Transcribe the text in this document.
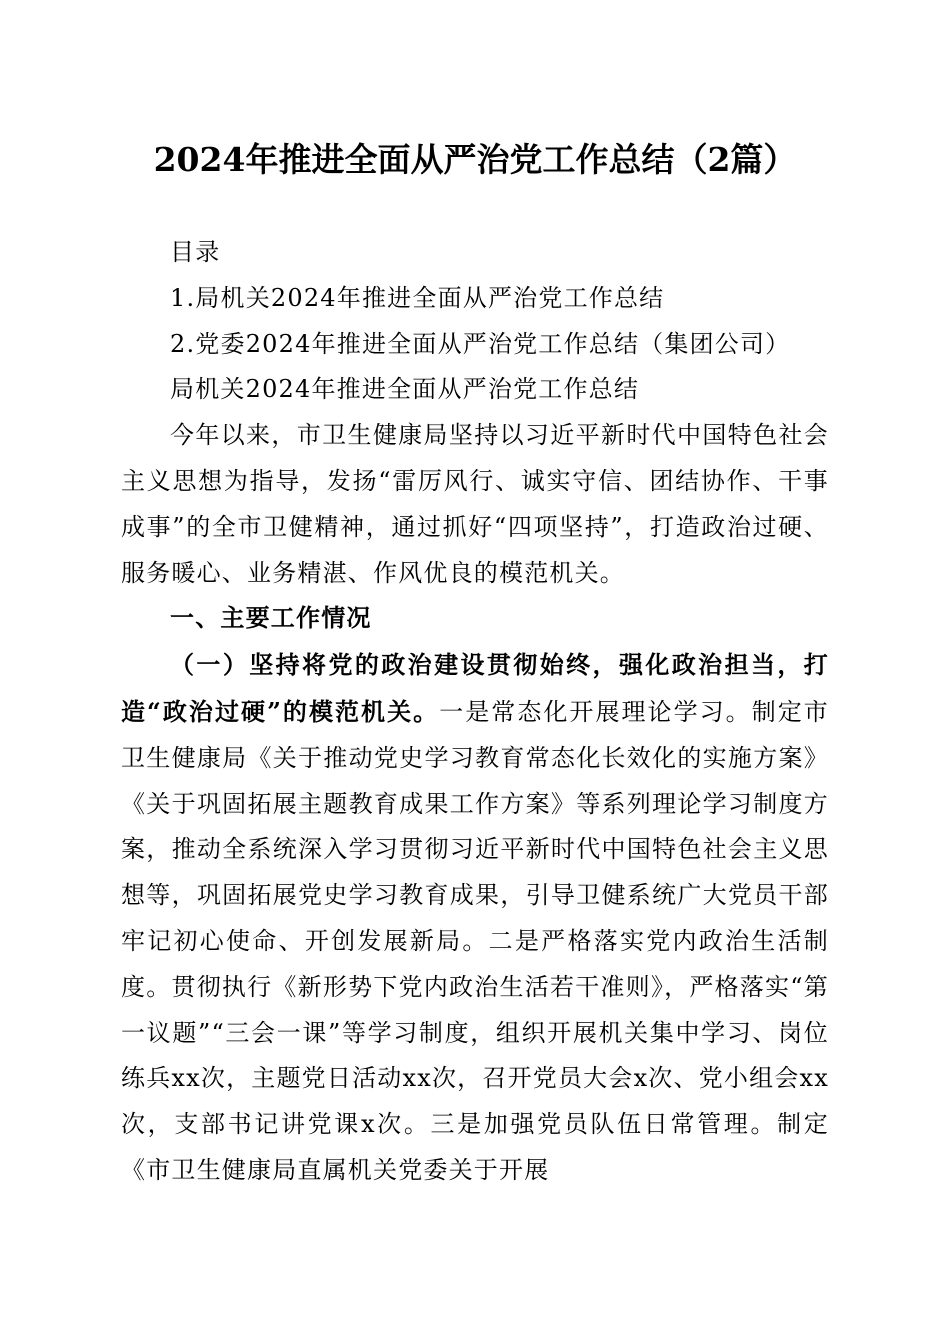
2024年推进全面从严治党工作总结（2篇）

目录

1.局机关2024年推进全面从严治党工作总结

2.党委2024年推进全面从严治党工作总结（集团公司）

局机关2024年推进全面从严治党工作总结

今年以来，市卫生健康局坚持以习近平新时代中国特色社会主义思想为指导，发扬“雷厉风行、诚实守信、团结协作、干事成事”的全市卫健精神，通过抓好“四项坚持”，打造政治过硬、服务暖心、业务精湛、作风优良的模范机关。

一、主要工作情况

（一）坚持将党的政治建设贯彻始终，强化政治担当，打造“政治过硬”的模范机关。一是常态化开展理论学习。制定市卫生健康局《关于推动党史学习教育常态化长效化的实施方案》《关于巩固拓展主题教育成果工作方案》等系列理论学习制度方案，推动全系统深入学习贯彻习近平新时代中国特色社会主义思想等，巩固拓展党史学习教育成果，引导卫健系统广大党员干部牢记初心使命、开创发展新局。二是严格落实党内政治生活制度。贯彻执行《新形势下党内政治生活若干准则》，严格落实“第一议题”“三会一课”等学习制度，组织开展机关集中学习、岗位练兵xx次，主题党日活动xx次，召开党员大会x次、党小组会xx次，支部书记讲党课x次。三是加强党员队伍日常管理。制定《市卫生健康局直属机关党委关于开展
